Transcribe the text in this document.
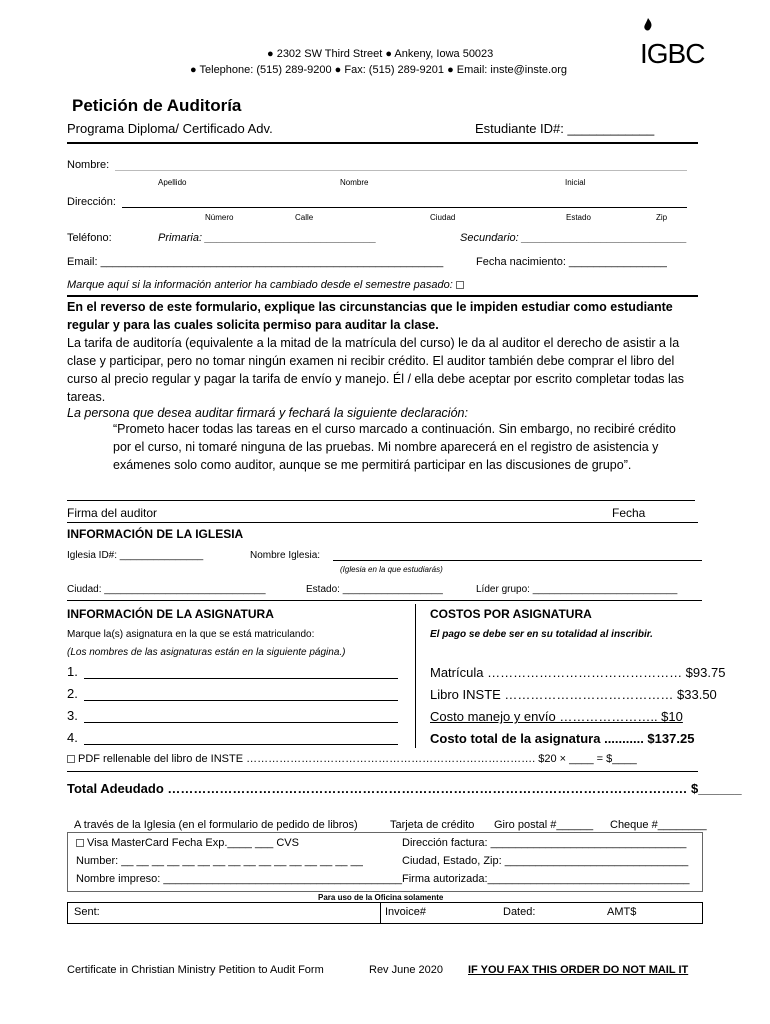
● 2302 SW Third Street ● Ankeny, Iowa 50023
● Telephone: (515) 289-9200 ● Fax: (515) 289-9201 ● Email: inste@inste.org
IGBC
Petición de Auditoría
Programa Diploma/ Certificado Adv.	Estudiante ID#: ____________
Nombre:
Apellido	Nombre	Inicial
Dirección:
Número	Calle	Ciudad	Estado	Zip
Teléfono:	Primaria: ____________________________	Secundario: ___________________________
Email: ________________________________________________________	Fecha nacimiento: ________________
Marque aquí si la información anterior ha cambiado desde el semestre pasado:
En el reverso de este formulario, explique las circunstancias que le impiden estudiar como estudiante regular y para las cuales solicita permiso para auditar la clase.
La tarifa de auditoría (equivalente a la mitad de la matrícula del curso) le da al auditor el derecho de asistir a la clase y participar, pero no tomar ningún examen ni recibir crédito. El auditor también debe comprar el libro del curso al precio regular y pagar la tarifa de envío y manejo. Él / ella debe aceptar por escrito completar todas las tareas.
La persona que desea auditar firmará y fechará la siguiente declaración:
“Prometo hacer todas las tareas en el curso marcado a continuación. Sin embargo, no recibiré crédito por el curso, ni tomaré ninguna de las pruebas. Mi nombre aparecerá en el registro de asistencia y exámenes solo como auditor, aunque se me permitirá participar en las discusiones de grupo”.
Firma del auditor	Fecha
INFORMACIÓN DE LA IGLESIA
Iglesia ID#: _______________	Nombre Iglesia:
(Iglesia en la que estudiarás)
Ciudad: _____________________________	Estado: __________________	Líder grupo: __________________________
INFORMACIÓN DE LA ASIGNATURA
Marque la(s) asignatura en la que se está matriculando:
(Los nombres de las asignaturas están en la siguiente página.)
1.
2.
3.
4.
COSTOS POR ASIGNATURA
El pago se debe ser en su totalidad al inscribir.
Matrícula ……………………………………… $93.75
Libro INSTE ………………………………… $33.50
Costo manejo y envío ………………….. $10
Costo total de la asignatura ........... $137.25
PDF rellenable del libro de INSTE ……………………………………………………………………. $20 × ____ = $____
Total Adeudado ………………………………………………………………………………………………………… $______
A través de la Iglesia (en el formulario de pedido de libros)	Tarjeta de crédito Giro postal #______ Cheque #________
Visa MasterCard Fecha Exp.____ ___ CVS	Dirección factura: ________________________________
Number: __ __ __ __ __ __ __ __ __ __ __ __ __ __ __ __	Ciudad, Estado, Zip: ______________________________
Nombre impreso: _______________________________________ Firma autorizada:_________________________________
Para uso de la Oficina solamente
Sent:	Invoice#	Dated:	AMT$
Certificate in Christian Ministry Petition to Audit Form	Rev June 2020 IF YOU FAX THIS ORDER DO NOT MAIL IT
